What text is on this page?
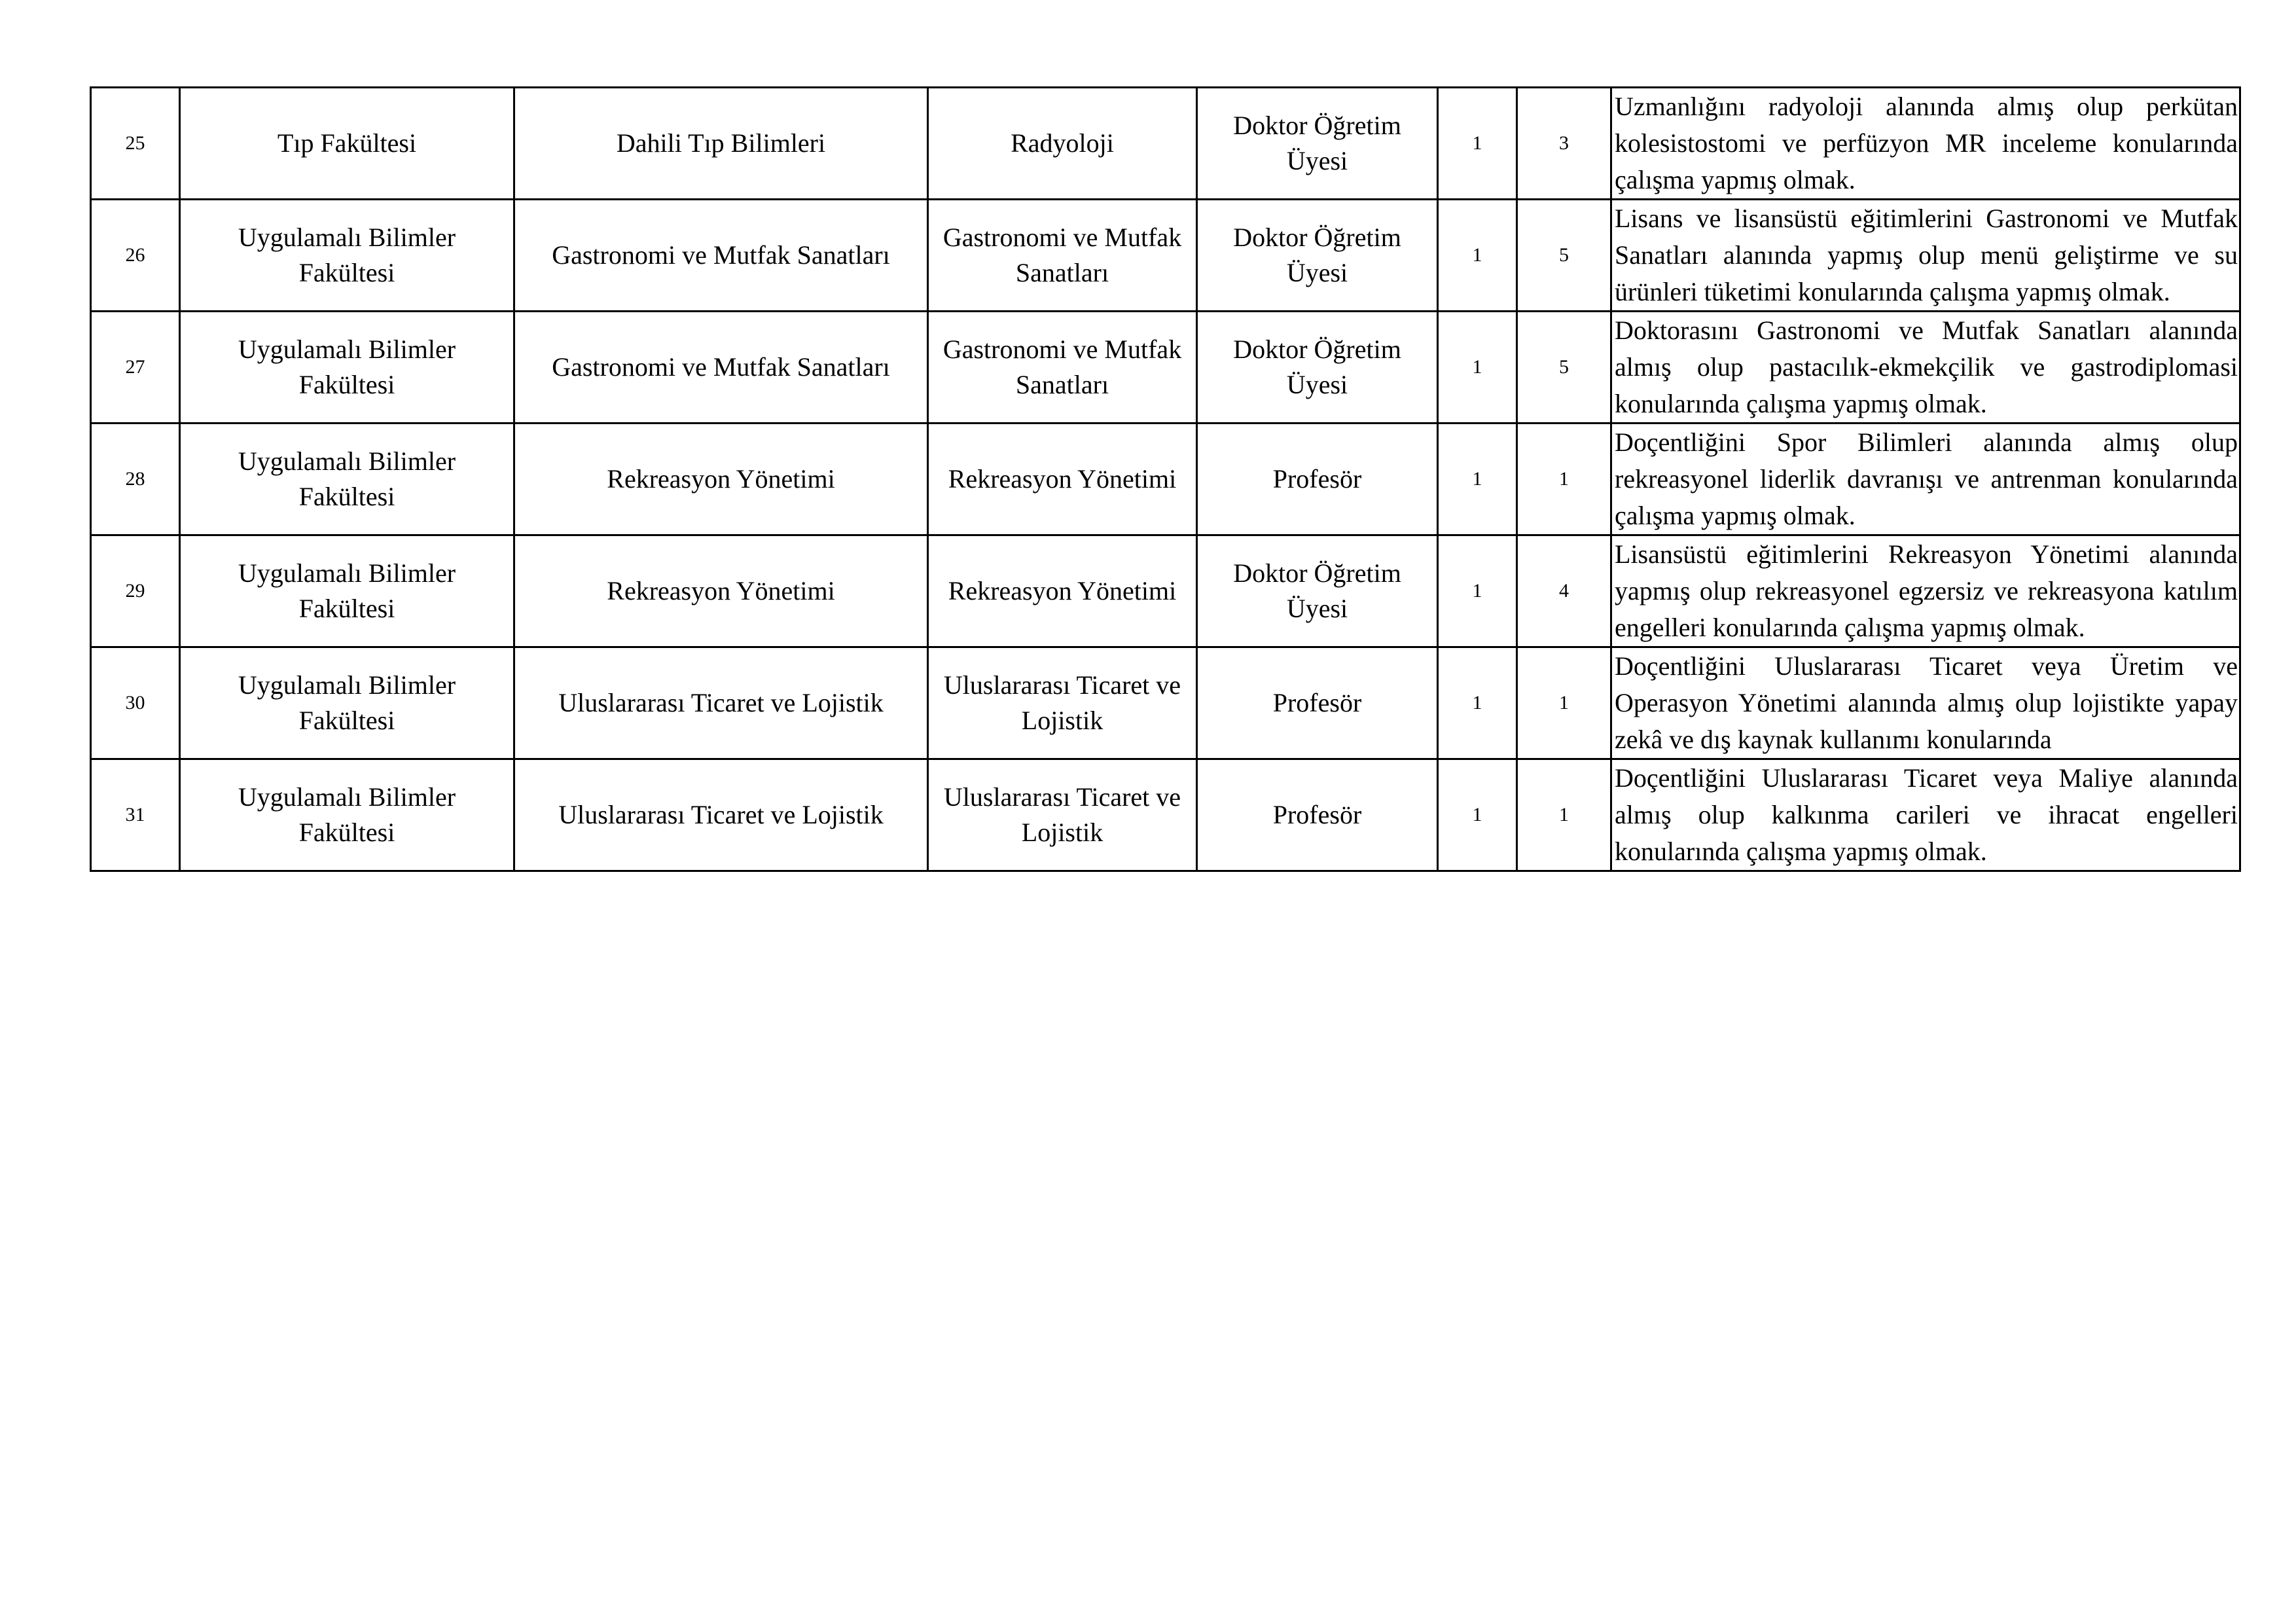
25	Tıp Fakültesi	Dahili Tıp Bilimleri	Radyoloji	Doktor Öğretim Üyesi	1	3	Uzmanlığını radyoloji alanında almış olup perkütan kolesistostomi ve perfüzyon MR inceleme konularında çalışma yapmış olmak.

26	Uygulamalı Bilimler Fakültesi	Gastronomi ve Mutfak Sanatları	Gastronomi ve Mutfak Sanatları	Doktor Öğretim Üyesi	1	5	Lisans ve lisansüstü eğitimlerini Gastronomi ve Mutfak Sanatları alanında yapmış olup menü geliştirme ve su ürünleri tüketimi konularında çalışma yapmış olmak.

27	Uygulamalı Bilimler Fakültesi	Gastronomi ve Mutfak Sanatları	Gastronomi ve Mutfak Sanatları	Doktor Öğretim Üyesi	1	5	Doktorasını Gastronomi ve Mutfak Sanatları alanında almış olup pastacılık-ekmekçilik ve gastrodiplomasi konularında çalışma yapmış olmak.

28	Uygulamalı Bilimler Fakültesi	Rekreasyon Yönetimi	Rekreasyon Yönetimi	Profesör	1	1	Doçentliğini Spor Bilimleri alanında almış olup rekreasyonel liderlik davranışı ve antrenman konularında çalışma yapmış olmak.

29	Uygulamalı Bilimler Fakültesi	Rekreasyon Yönetimi	Rekreasyon Yönetimi	Doktor Öğretim Üyesi	1	4	Lisansüstü eğitimlerini Rekreasyon Yönetimi alanında yapmış olup rekreasyonel egzersiz ve rekreasyona katılım engelleri konularında çalışma yapmış olmak.

30	Uygulamalı Bilimler Fakültesi	Uluslararası Ticaret ve Lojistik	Uluslararası Ticaret ve Lojistik	Profesör	1	1	Doçentliğini Uluslararası Ticaret veya Üretim ve Operasyon Yönetimi alanında almış olup lojistikte yapay zekâ ve dış kaynak kullanımı konularında

31	Uygulamalı Bilimler Fakültesi	Uluslararası Ticaret ve Lojistik	Uluslararası Ticaret ve Lojistik	Profesör	1	1	Doçentliğini Uluslararası Ticaret veya Maliye alanında almış olup kalkınma carileri ve ihracat engelleri konularında çalışma yapmış olmak.
